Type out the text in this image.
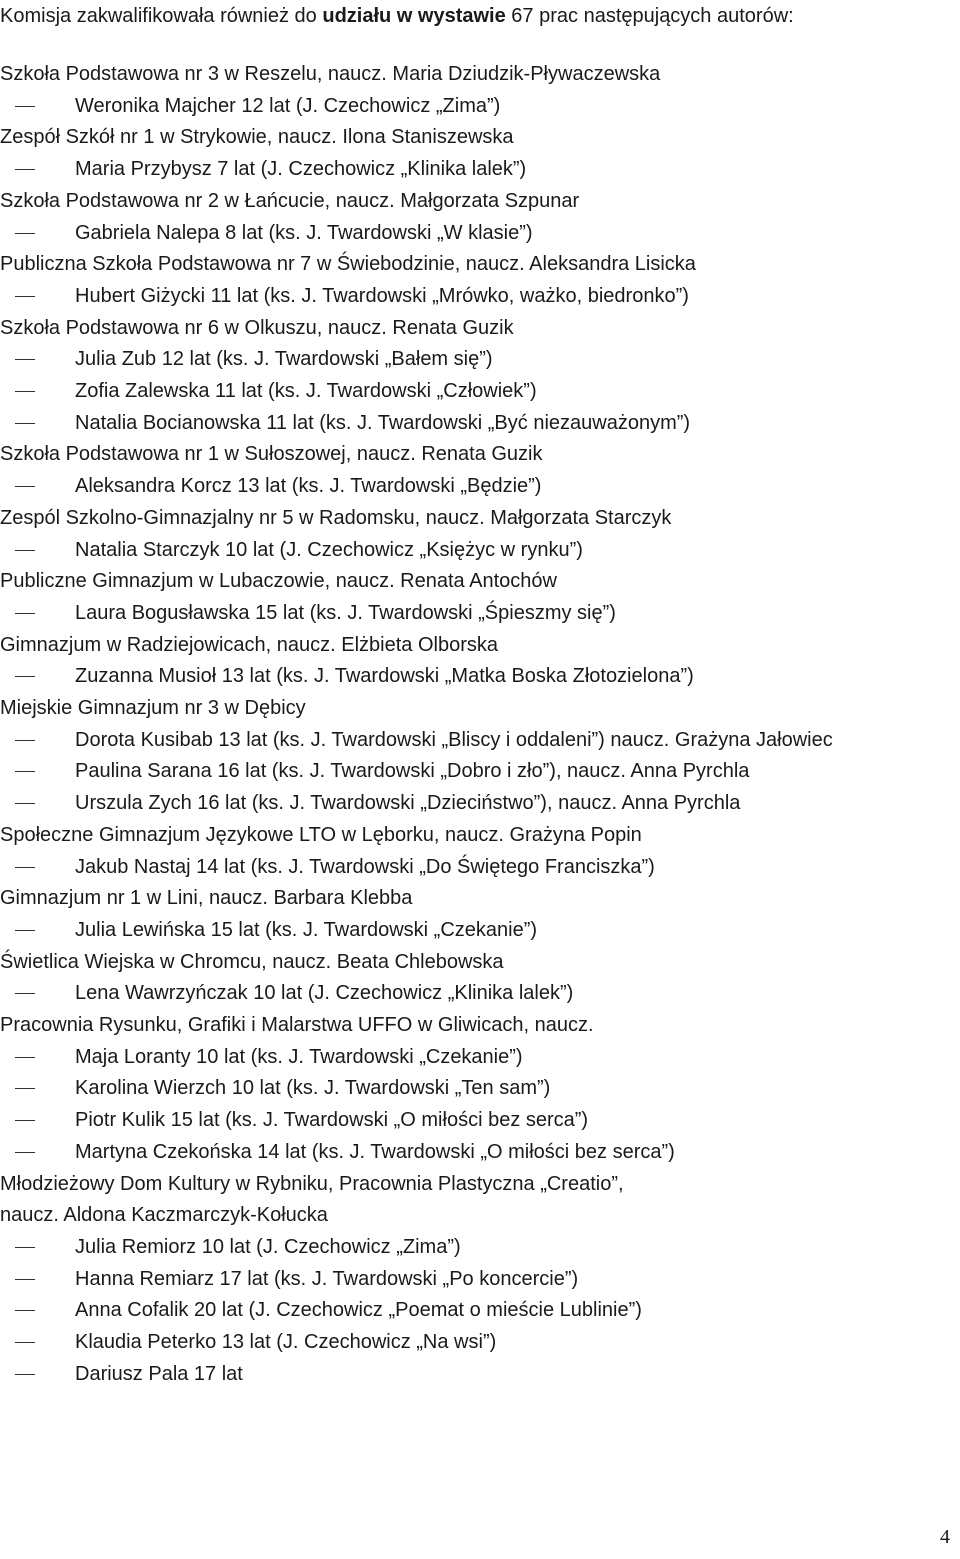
Komisja zakwalifikowała również do udziału w wystawie 67 prac następujących autorów:
Szkoła Podstawowa nr 3 w Reszelu, naucz. Maria Dziudzik-Pływaczewska
Weronika Majcher 12 lat (J. Czechowicz „Zima”)
Zespół Szkół nr 1 w Strykowie, naucz. Ilona Staniszewska
Maria Przybysz 7 lat (J. Czechowicz „Klinika lalek”)
Szkoła Podstawowa nr 2 w Łańcucie, naucz. Małgorzata Szpunar
Gabriela Nalepa 8 lat (ks. J. Twardowski „W klasie”)
Publiczna Szkoła Podstawowa nr 7 w Świebodzinie, naucz. Aleksandra Lisicka
Hubert Giżycki 11 lat (ks. J. Twardowski „Mrówko, ważko, biedronko”)
Szkoła Podstawowa nr 6 w Olkuszu, naucz. Renata Guzik
Julia Zub 12 lat (ks. J. Twardowski „Bałem się”)
Zofia Zalewska 11 lat (ks. J. Twardowski „Człowiek”)
Natalia Bocianowska 11 lat (ks. J. Twardowski „Być niezauważonym”)
Szkoła Podstawowa nr 1 w Sułoszowej, naucz. Renata Guzik
Aleksandra Korcz 13 lat (ks. J. Twardowski „Będzie”)
Zespól Szkolno-Gimnazjalny nr 5 w Radomsku, naucz. Małgorzata Starczyk
Natalia Starczyk 10 lat (J. Czechowicz „Księżyc w rynku”)
Publiczne Gimnazjum w Lubaczowie, naucz. Renata Antochów
Laura Bogusławska 15 lat (ks. J. Twardowski „Śpieszmy się”)
Gimnazjum w Radziejowicach, naucz. Elżbieta Olborska
Zuzanna Musioł 13 lat (ks. J. Twardowski „Matka Boska Złotozielona”)
Miejskie Gimnazjum nr 3 w Dębicy
Dorota Kusibab 13 lat (ks. J. Twardowski „Bliscy i oddaleni”) naucz. Grażyna Jałowiec
Paulina Sarana 16 lat (ks. J. Twardowski „Dobro i zło”), naucz. Anna Pyrchla
Urszula Zych 16 lat (ks. J. Twardowski „Dzieciństwo”), naucz. Anna Pyrchla
Społeczne Gimnazjum Językowe LTO w Lęborku, naucz. Grażyna Popin
Jakub Nastaj 14 lat (ks. J. Twardowski „Do Świętego Franciszka”)
Gimnazjum nr 1 w Lini, naucz. Barbara Klebba
Julia Lewińska 15 lat (ks. J. Twardowski „Czekanie”)
Świetlica Wiejska w Chromcu, naucz. Beata Chlebowska
Lena Wawrzyńczak 10 lat (J. Czechowicz „Klinika lalek”)
Pracownia Rysunku, Grafiki i Malarstwa UFFO w Gliwicach, naucz.
Maja Loranty 10 lat (ks. J. Twardowski „Czekanie”)
Karolina Wierzch 10 lat (ks. J. Twardowski „Ten sam”)
Piotr Kulik 15 lat (ks. J. Twardowski „O miłości bez serca”)
Martyna Czekońska 14 lat (ks. J. Twardowski „O miłości bez serca”)
Młodzieżowy Dom Kultury w Rybniku, Pracownia Plastyczna „Creatio”,
naucz. Aldona Kaczmarczyk-Kołucka
Julia Remiorz 10 lat (J. Czechowicz „Zima”)
Hanna Remiarz 17 lat (ks. J. Twardowski „Po koncercie”)
Anna Cofalik 20 lat (J. Czechowicz „Poemat o mieście Lublinie”)
Klaudia Peterko 13 lat (J. Czechowicz „Na wsi”)
Dariusz Pala 17 lat
4
